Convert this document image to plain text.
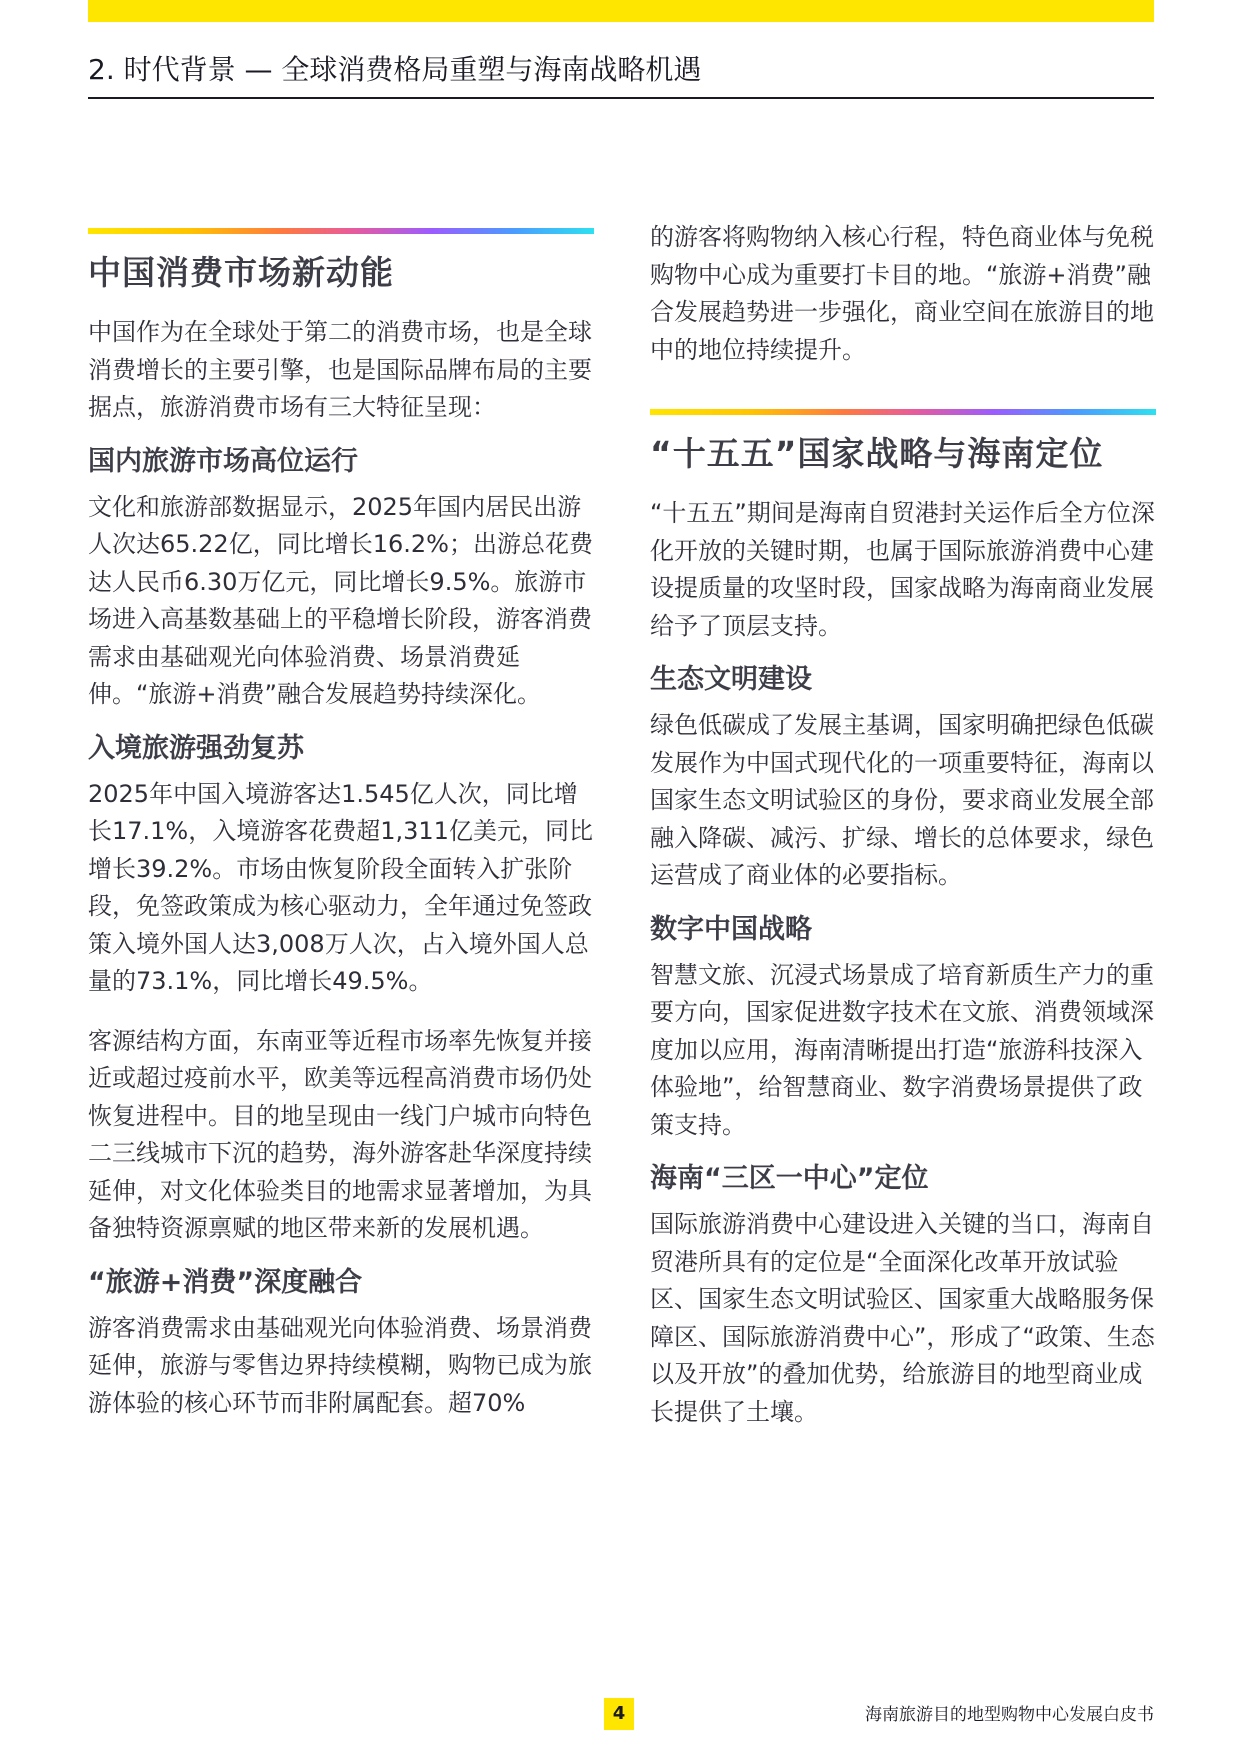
2. 时代背景 — 全球消费格局重塑与海南战略机遇
中国消费市场新动能

中国作为在全球处于第二的消费市场，也是全球消费增长的主要引擎，也是国际品牌布局的主要据点，旅游消费市场有三大特征呈现：

国内旅游市场高位运行

文化和旅游部数据显示，2025年国内居民出游人次达65.22亿，同比增长16.2%；出游总花费达人民币6.30万亿元，同比增长9.5%。旅游市场进入高基数基础上的平稳增长阶段，游客消费需求由基础观光向体验消费、场景消费延伸。“旅游+消费”融合发展趋势持续深化。

入境旅游强劲复苏

2025年中国入境游客达1.545亿人次，同比增长17.1%，入境游客花费超1,311亿美元，同比增长39.2%。市场由恢复阶段全面转入扩张阶段，免签政策成为核心驱动力，全年通过免签政策入境外国人达3,008万人次，占入境外国人总量的73.1%，同比增长49.5%。

客源结构方面，东南亚等近程市场率先恢复并接近或超过疫前水平，欧美等远程高消费市场仍处恢复进程中。目的地呈现由一线门户城市向特色二三线城市下沉的趋势，海外游客赴华深度持续延伸，对文化体验类目的地需求显著增加，为具备独特资源禀赋的地区带来新的发展机遇。

“旅游+消费”深度融合

游客消费需求由基础观光向体验消费、场景消费延伸，旅游与零售边界持续模糊，购物已成为旅游体验的核心环节而非附属配套。超70%

的游客将购物纳入核心行程，特色商业体与免税购物中心成为重要打卡目的地。“旅游+消费”融合发展趋势进一步强化，商业空间在旅游目的地中的地位持续提升。

“十五五”国家战略与海南定位

“十五五”期间是海南自贸港封关运作后全方位深化开放的关键时期，也属于国际旅游消费中心建设提质量的攻坚时段，国家战略为海南商业发展给予了顶层支持。

生态文明建设

绿色低碳成了发展主基调，国家明确把绿色低碳发展作为中国式现代化的一项重要特征，海南以国家生态文明试验区的身份，要求商业发展全部融入降碳、减污、扩绿、增长的总体要求，绿色运营成了商业体的必要指标。

数字中国战略

智慧文旅、沉浸式场景成了培育新质生产力的重要方向，国家促进数字技术在文旅、消费领域深度加以应用，海南清晰提出打造“旅游科技深入体验地”，给智慧商业、数字消费场景提供了政策支持。

海南“三区一中心”定位

国际旅游消费中心建设进入关键的当口，海南自贸港所具有的定位是“全面深化改革开放试验区、国家生态文明试验区、国家重大战略服务保障区、国际旅游消费中心”，形成了“政策、生态以及开放”的叠加优势，给旅游目的地型商业成长提供了土壤。

4	海南旅游目的地型购物中心发展白皮书
